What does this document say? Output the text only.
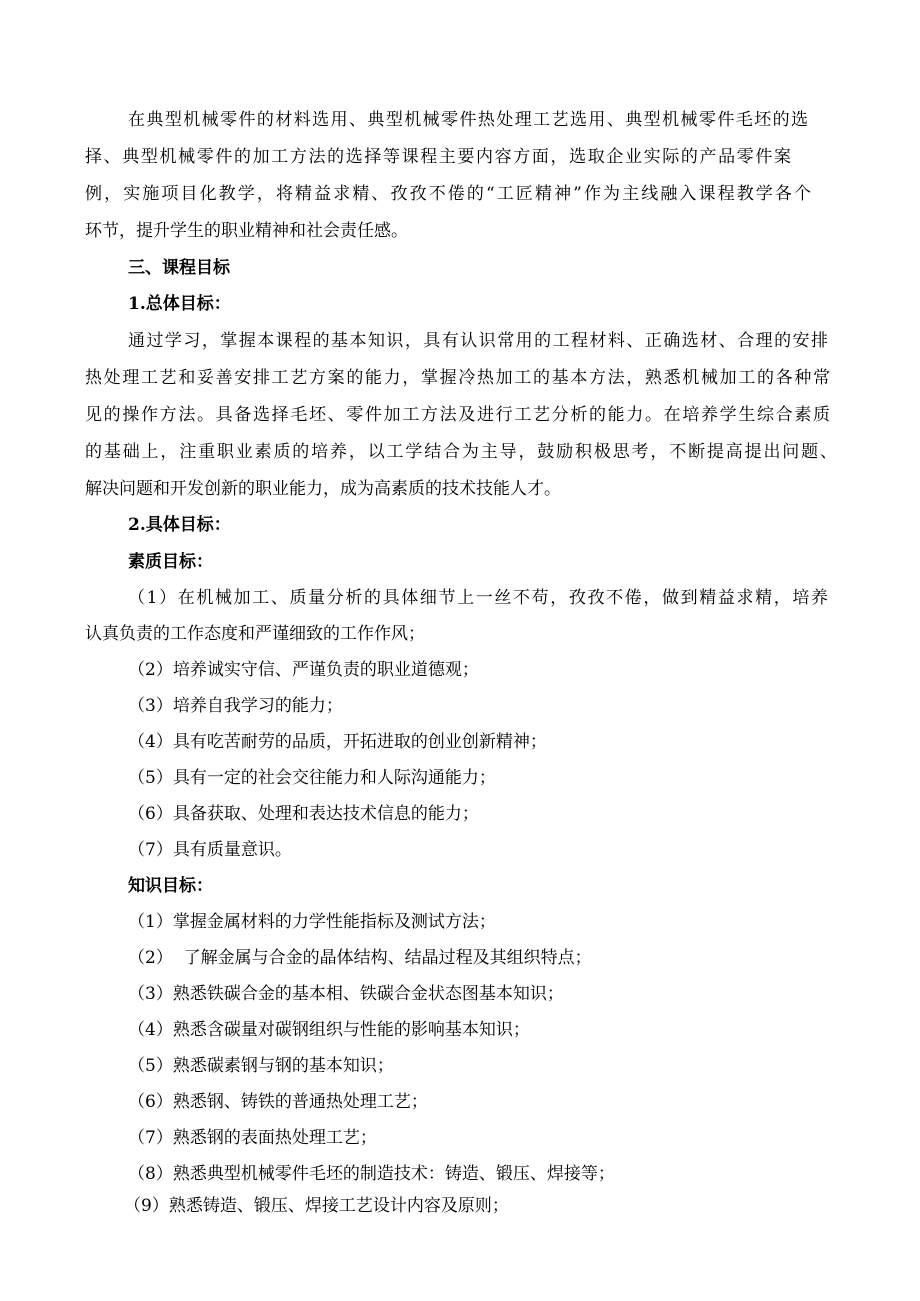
在典型机械零件的材料选用、典型机械零件热处理工艺选用、典型机械零件毛坯的选
择、典型机械零件的加工方法的选择等课程主要内容方面，选取企业实际的产品零件案
例，实施项目化教学，将精益求精、孜孜不倦的“工匠精神”作为主线融入课程教学各个
环节，提升学生的职业精神和社会责任感。
三、课程目标
1.总体目标：
通过学习，掌握本课程的基本知识，具有认识常用的工程材料、正确选材、合理的安排
热处理工艺和妥善安排工艺方案的能力，掌握冷热加工的基本方法，熟悉机械加工的各种常
见的操作方法。具备选择毛坯、零件加工方法及进行工艺分析的能力。在培养学生综合素质
的基础上，注重职业素质的培养，以工学结合为主导，鼓励积极思考，不断提高提出问题、
解决问题和开发创新的职业能力，成为高素质的技术技能人才。
2.具体目标：
素质目标：
（1）在机械加工、质量分析的具体细节上一丝不苟，孜孜不倦，做到精益求精，培养
认真负责的工作态度和严谨细致的工作作风；
（2）培养诚实守信、严谨负责的职业道德观；
（3）培养自我学习的能力；
（4）具有吃苦耐劳的品质，开拓进取的创业创新精神；
（5）具有一定的社会交往能力和人际沟通能力；
（6）具备获取、处理和表达技术信息的能力；
（7）具有质量意识。
知识目标：
（1）掌握金属材料的力学性能指标及测试方法；
（2）  了解金属与合金的晶体结构、结晶过程及其组织特点；
（3）熟悉铁碳合金的基本相、铁碳合金状态图基本知识；
（4）熟悉含碳量对碳钢组织与性能的影响基本知识；
（5）熟悉碳素钢与钢的基本知识；
（6）熟悉钢、铸铁的普通热处理工艺；
（7）熟悉钢的表面热处理工艺；
（8）熟悉典型机械零件毛坯的制造技术：铸造、锻压、焊接等；
（9）熟悉铸造、锻压、焊接工艺设计内容及原则；
